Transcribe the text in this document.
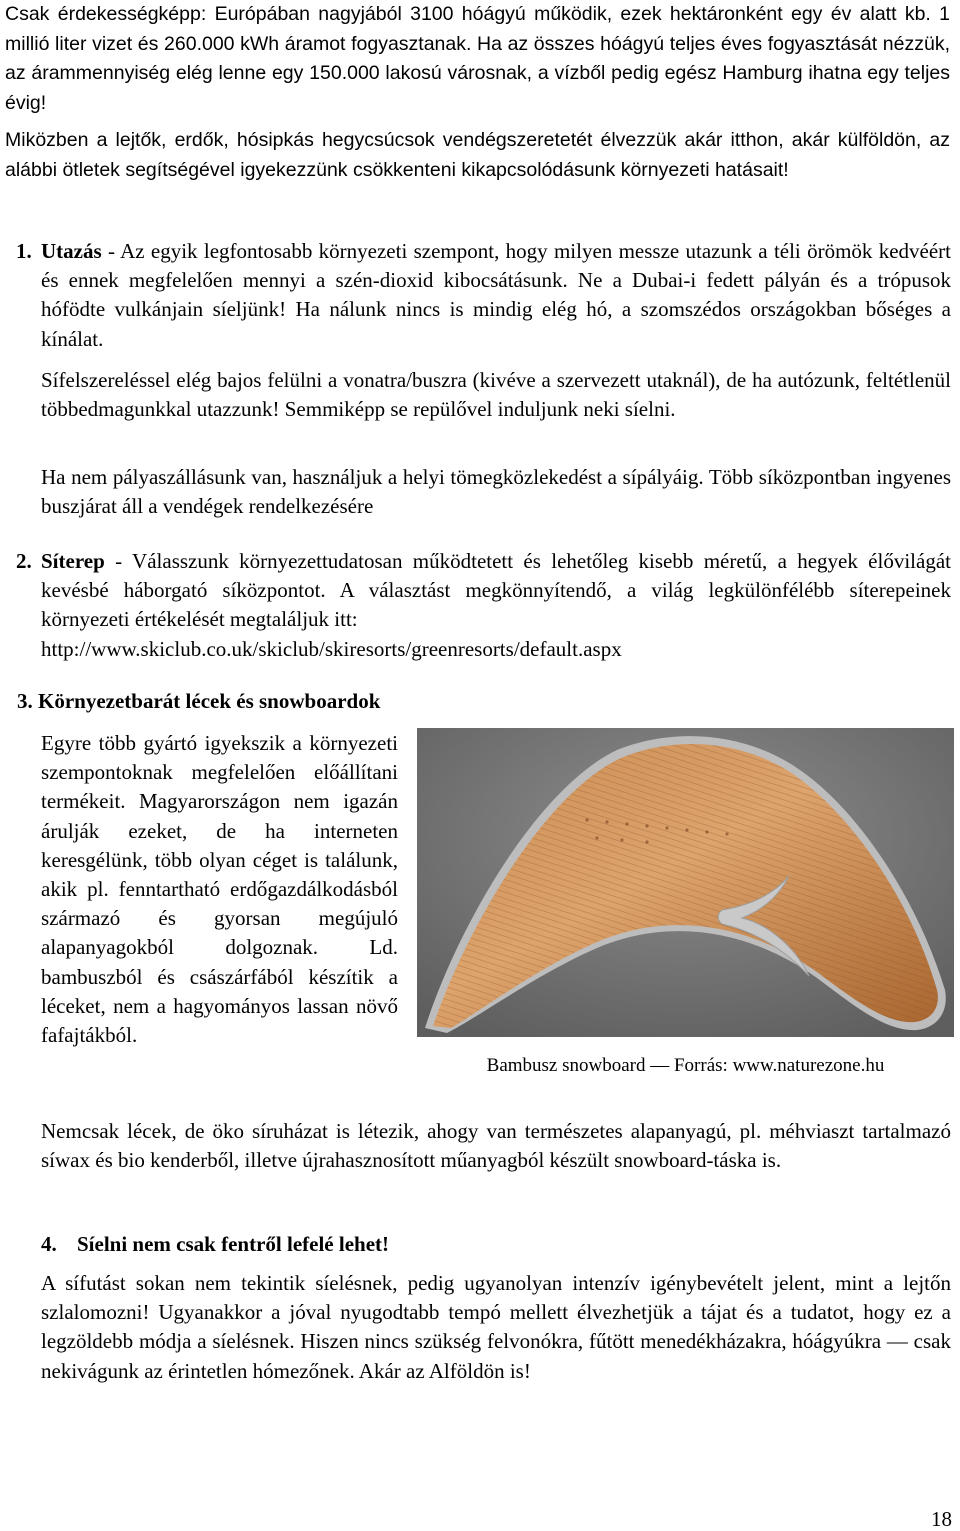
Csak érdekességképp: Európában nagyjából 3100 hóágyú működik, ezek hektáronként egy év alatt kb. 1 millió liter vizet és 260.000 kWh áramot fogyasztanak. Ha az összes hóágyú teljes éves fogyasztását nézzük, az árammennyiség elég lenne egy 150.000 lakosú városnak, a vízből pedig egész Hamburg ihatna egy teljes évig!

Miközben a lejtők, erdők, hósipkás hegycsúcsok vendégszeretetét élvezzük akár itthon, akár külföldön, az alábbi ötletek segítségével igyekezzünk csökkenteni kikapcsolódásunk környezeti hatásait!

1. Utazás - Az egyik legfontosabb környezeti szempont, hogy milyen messze utazunk a téli örömök kedvéért és ennek megfelelően mennyi a szén-dioxid kibocsátásunk. Ne a Dubai-i fedett pályán és a trópusok hófödte vulkánjain síeljünk! Ha nálunk nincs is mindig elég hó, a szomszédos országokban bőséges a kínálat.

Sífelszereléssel elég bajos felülni a vonatra/buszra (kivéve a szervezett utaknál), de ha autózunk, feltétlenül többedmagunkkal utazzunk! Semmiképp se repülővel induljunk neki síelni.

Ha nem pályaszállásunk van, használjuk a helyi tömegközlekedést a sípályáig. Több síközpontban ingyenes buszjárat áll a vendégek rendelkezésére

2. Síterep - Válasszunk környezettudatosan működtetett és lehetőleg kisebb méretű, a hegyek élővilágát kevésbé háborgató síközpontot. A választást megkönnyítendő, a világ legkülönfélébb síterepeinek környezeti értékelését megtaláljuk itt:

http://www.skiclub.co.uk/skiclub/skiresorts/greenresorts/default.aspx

3. Környezetbarát lécek és snowboardok

Egyre több gyártó igyekszik a környezeti szempontoknak megfelelően előállítani termékeit. Magyarországon nem igazán árulják ezeket, de ha interneten keresgélünk, több olyan céget is találunk, akik pl. fenntartható erdőgazdálkodásból származó és gyorsan megújuló alapanyagokból dolgoznak. Ld. bambuszból és császárfából készítik a léceket, nem a hagyományos lassan növő fafajtákból.

Bambusz snowboard — Forrás: www.naturezone.hu

Nemcsak lécek, de öko síruházat is létezik, ahogy van természetes alapanyagú, pl. méhviaszt tartalmazó síwax és bio kenderből, illetve újrahasznosított műanyagból készült snowboard-táska is.

4. Síelni nem csak fentről lefelé lehet!

A sífutást sokan nem tekintik síelésnek, pedig ugyanolyan intenzív igénybevételt jelent, mint a lejtőn szlalomozni! Ugyanakkor a jóval nyugodtabb tempó mellett élvezhetjük a tájat és a tudatot, hogy ez a legzöldebb módja a síelésnek. Hiszen nincs szükség felvonókra, fűtött menedékházakra, hóágyúkra — csak nekivágunk az érintetlen hómezőnek. Akár az Alföldön is!

18
